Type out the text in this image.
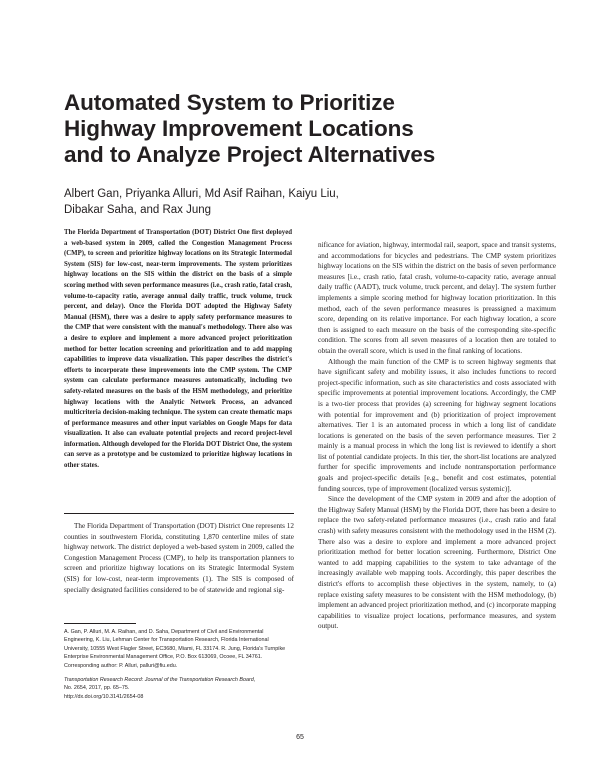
Automated System to Prioritize
Highway Improvement Locations
and to Analyze Project Alternatives
Albert Gan, Priyanka Alluri, Md Asif Raihan, Kaiyu Liu,
Dibakar Saha, and Rax Jung

The Florida Department of Transportation (DOT) District One first deployed a web-based system in 2009, called the Congestion Management Process (CMP), to screen and prioritize highway locations on its Strategic Intermodal System (SIS) for low-cost, near-term improvements. The system prioritizes highway locations on the SIS within the district on the basis of a simple scoring method with seven performance measures (i.e., crash ratio, fatal crash, volume-to-capacity ratio, average annual daily traffic, truck volume, truck percent, and delay). Once the Florida DOT adopted the Highway Safety Manual (HSM), there was a desire to apply safety performance measures to the CMP that were consistent with the manual's methodology. There also was a desire to explore and implement a more advanced project prioritization method for better location screening and prioritization and to add mapping capabilities to improve data visualization. This paper describes the district's efforts to incorporate these improvements into the CMP system. The CMP system can calculate performance measures automatically, including two safety-related measures on the basis of the HSM methodology, and prioritize highway locations with the Analytic Network Process, an advanced multicriteria decision-making technique. The system can create thematic maps of performance measures and other input variables on Google Maps for data visualization. It also can evaluate potential projects and record project-level information. Although developed for the Florida DOT District One, the system can serve as a prototype and be customized to prioritize highway locations in other states.

The Florida Department of Transportation (DOT) District One represents 12 counties in southwestern Florida, constituting 1,870 centerline miles of state highway network. The district deployed a web-based system in 2009, called the Congestion Management Process (CMP), to help its transportation planners to screen and prioritize highway locations on its Strategic Intermodal System (SIS) for low-cost, near-term improvements (1). The SIS is composed of specially designated facilities considered to be of statewide and regional sig-

A. Gan, P. Alluri, M. A. Raihan, and D. Saha, Department of Civil and Environmental Engineering, K. Liu, Lehman Center for Transportation Research, Florida International University, 10555 West Flagler Street, EC3680, Miami, FL 33174. R. Jung, Florida's Turnpike Enterprise Environmental Management Office, P.O. Box 613069, Ocoee, FL 34761. Corresponding author: P. Alluri, palluri@fiu.edu.

Transportation Research Record: Journal of the Transportation Research Board,
No. 2654, 2017, pp. 65–75.
http://dx.doi.org/10.3141/2654-08

nificance for aviation, highway, intermodal rail, seaport, space and transit systems, and accommodations for bicycles and pedestrians. The CMP system prioritizes highway locations on the SIS within the district on the basis of seven performance measures [i.e., crash ratio, fatal crash, volume-to-capacity ratio, average annual daily traffic (AADT), truck volume, truck percent, and delay]. The system further implements a simple scoring method for highway location prioritization. In this method, each of the seven performance measures is preassigned a maximum score, depending on its relative importance. For each highway location, a score then is assigned to each measure on the basis of the corresponding site-specific condition. The scores from all seven measures of a location then are totaled to obtain the overall score, which is used in the final ranking of locations.

Although the main function of the CMP is to screen highway segments that have significant safety and mobility issues, it also includes functions to record project-specific information, such as site characteristics and costs associated with specific improvements at potential improvement locations. Accordingly, the CMP is a two-tier process that provides (a) screening for highway segment locations with potential for improvement and (b) prioritization of project improvement alternatives. Tier 1 is an automated process in which a long list of candidate locations is generated on the basis of the seven performance measures. Tier 2 mainly is a manual process in which the long list is reviewed to identify a short list of potential candidate projects. In this tier, the short-list locations are analyzed further for specific improvements and include nontransportation performance goals and project-specific details [e.g., benefit and cost estimates, potential funding sources, type of improvement (localized versus systemic)].

Since the development of the CMP system in 2009 and after the adoption of the Highway Safety Manual (HSM) by the Florida DOT, there has been a desire to replace the two safety-related performance measures (i.e., crash ratio and fatal crash) with safety measures consistent with the methodology used in the HSM (2). There also was a desire to explore and implement a more advanced project prioritization method for better location screening. Furthermore, District One wanted to add mapping capabilities to the system to take advantage of the increasingly available web mapping tools. Accordingly, this paper describes the district's efforts to accomplish these objectives in the system, namely, to (a) replace existing safety measures to be consistent with the HSM methodology, (b) implement an advanced project prioritization method, and (c) incorporate mapping capabilities to visualize project locations, performance measures, and system output.

65
